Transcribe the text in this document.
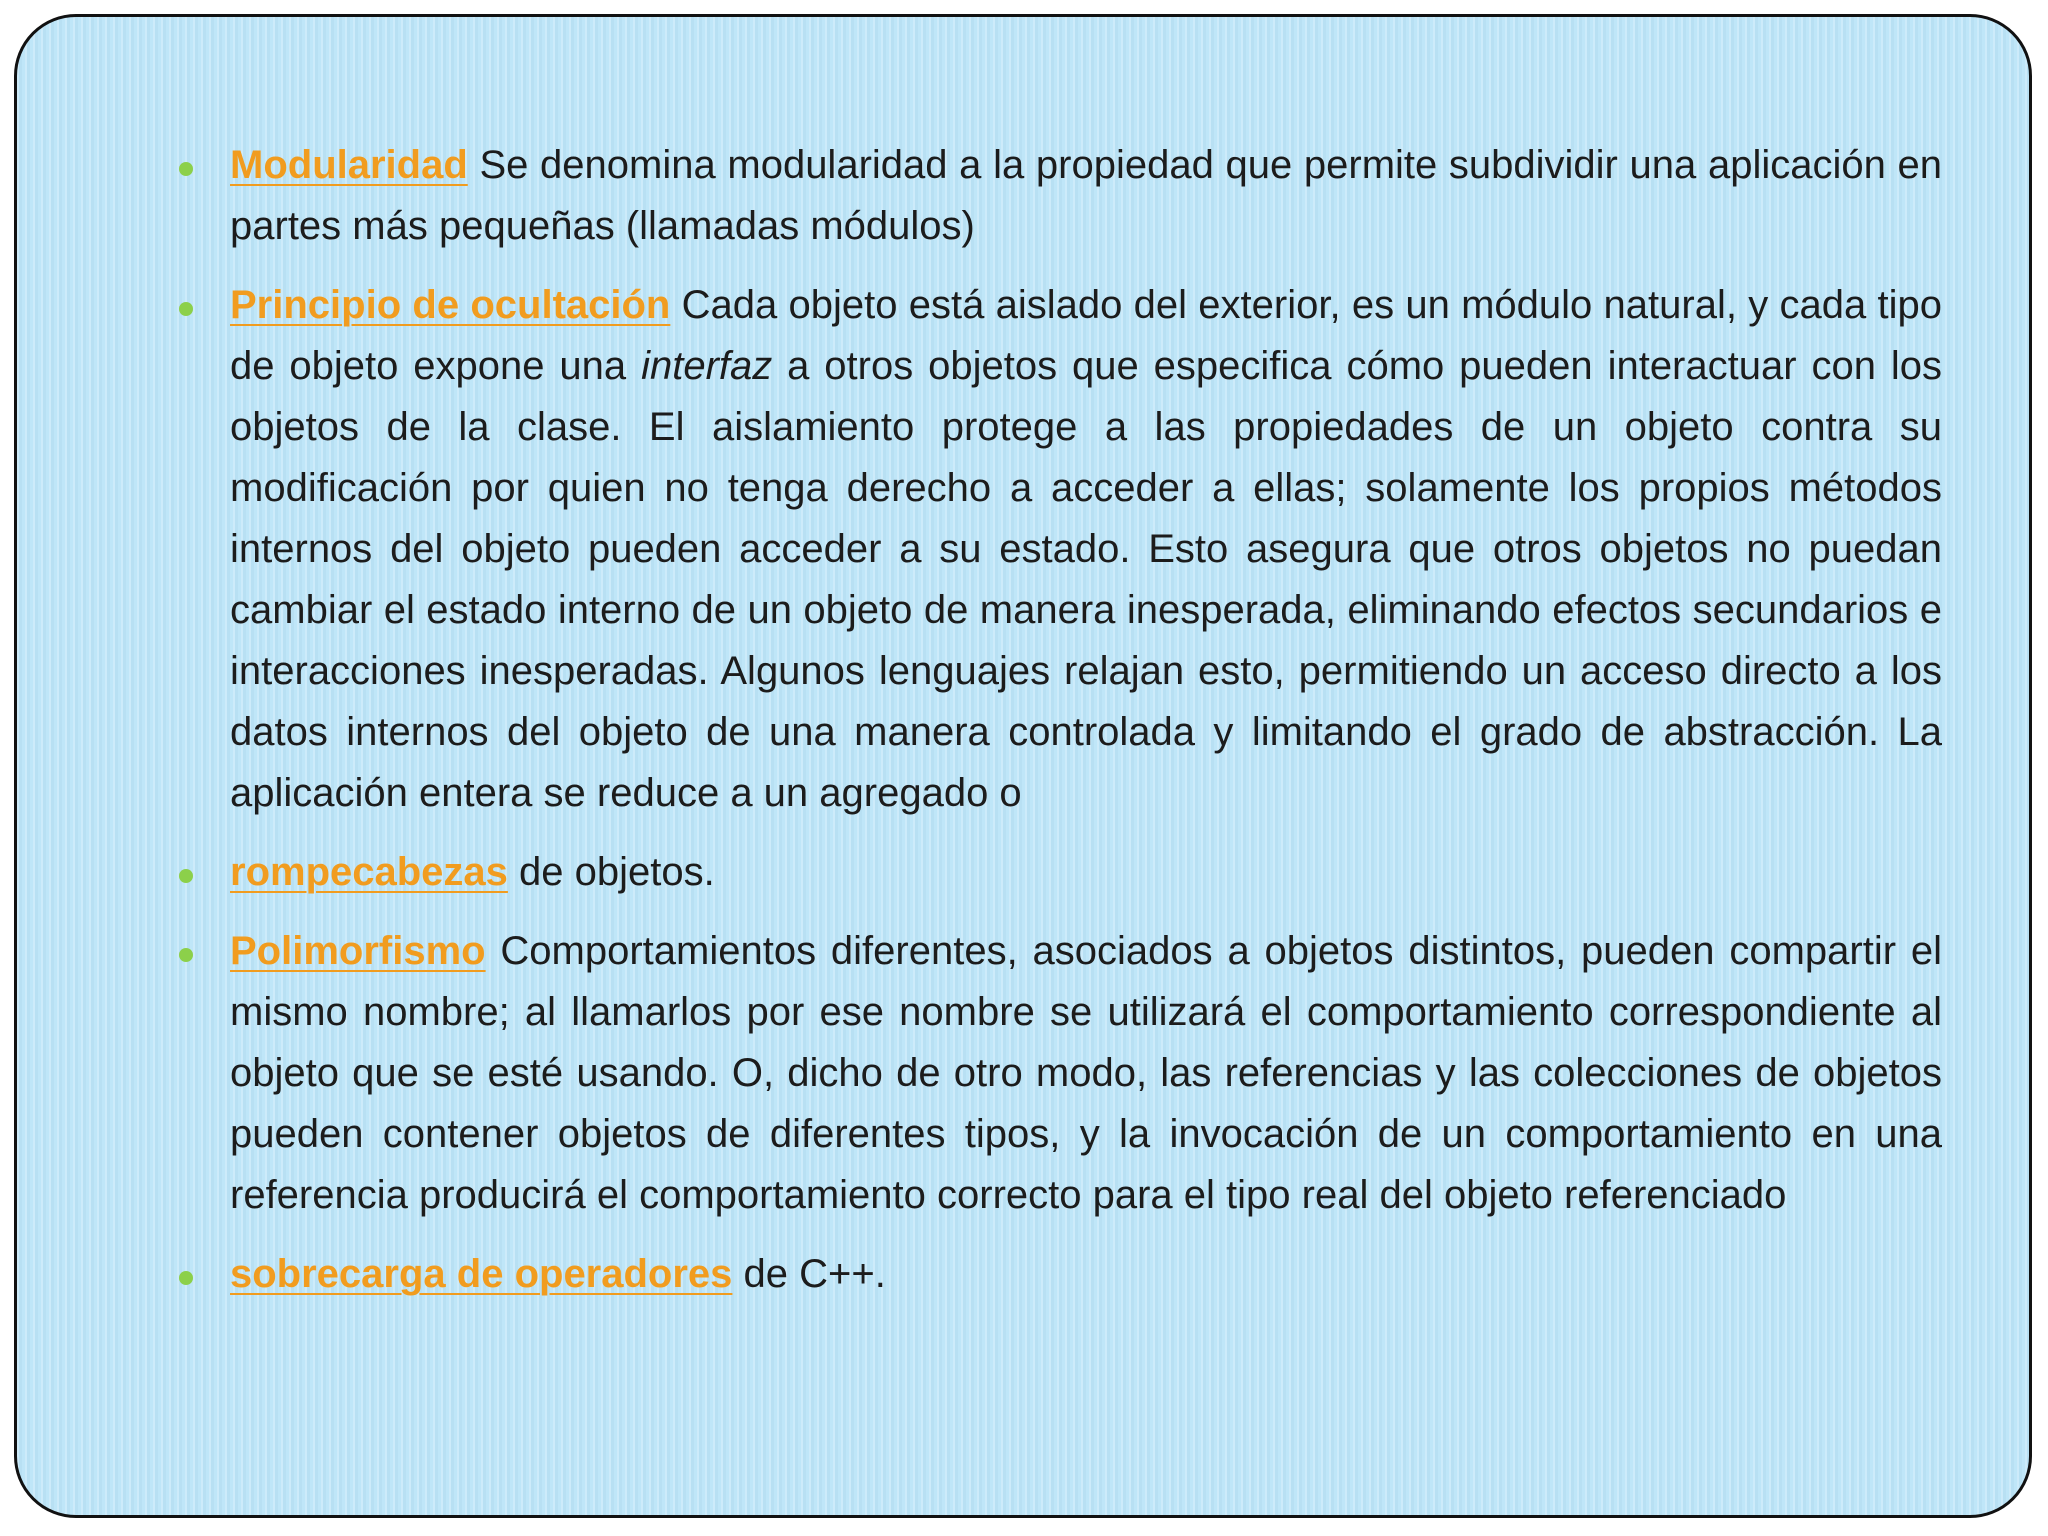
Modularidad Se denomina modularidad a la propiedad que permite subdividir una aplicación en partes más pequeñas (llamadas módulos)
Principio de ocultación Cada objeto está aislado del exterior, es un módulo natural, y cada tipo de objeto expone una interfaz a otros objetos que especifica cómo pueden interactuar con los objetos de la clase. El aislamiento protege a las propiedades de un objeto contra su modificación por quien no tenga derecho a acceder a ellas; solamente los propios métodos internos del objeto pueden acceder a su estado. Esto asegura que otros objetos no puedan cambiar el estado interno de un objeto de manera inesperada, eliminando efectos secundarios e interacciones inesperadas. Algunos lenguajes relajan esto, permitiendo un acceso directo a los datos internos del objeto de una manera controlada y limitando el grado de abstracción. La aplicación entera se reduce a un agregado o
rompecabezas de objetos.
Polimorfismo Comportamientos diferentes, asociados a objetos distintos, pueden compartir el mismo nombre; al llamarlos por ese nombre se utilizará el comportamiento correspondiente al objeto que se esté usando. O, dicho de otro modo, las referencias y las colecciones de objetos pueden contener objetos de diferentes tipos, y la invocación de un comportamiento en una referencia producirá el comportamiento correcto para el tipo real del objeto referenciado
sobrecarga de operadores de C++.
